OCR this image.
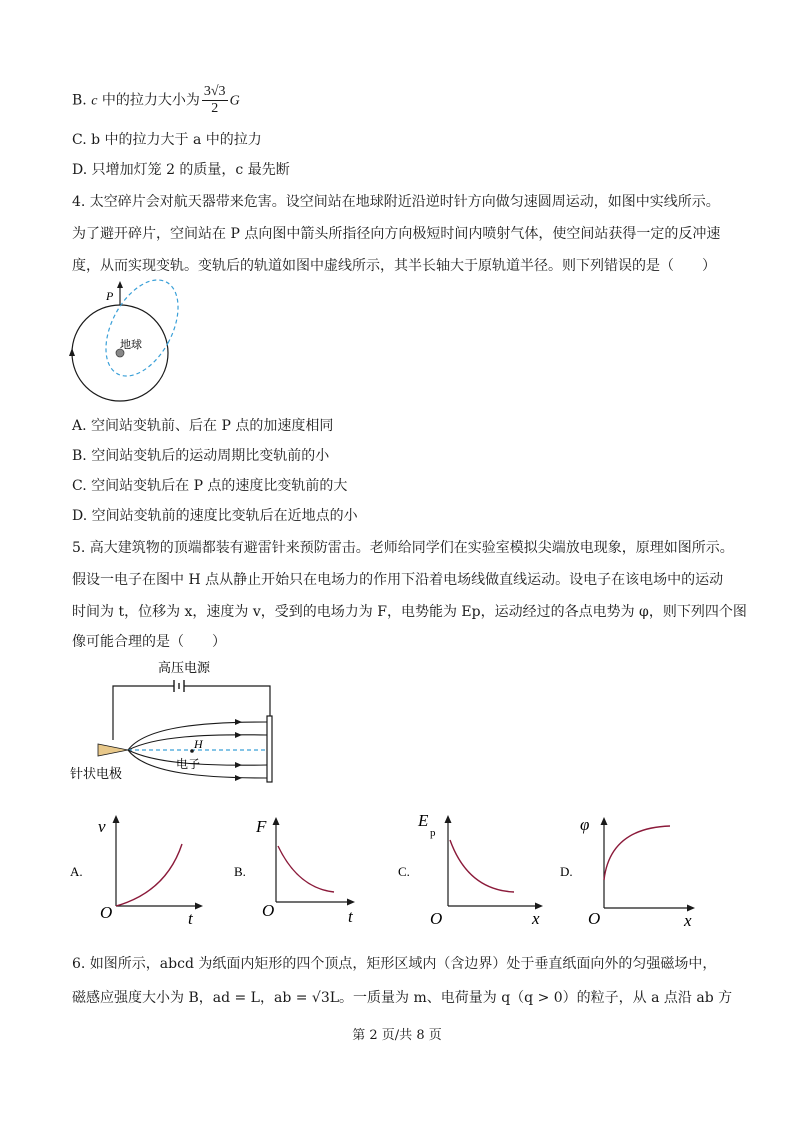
B. c 中的拉力大小为 $\frac{3√3}{2}$ G
C. b 中的拉力大于 a 中的拉力
D. 只增加灯笼 2 的质量，c 最先断
4. 太空碎片会对航天器带来危害。设空间站在地球附近沿逆时针方向做匀速圆周运动，如图中实线所示。
为了避开碎片，空间站在 P 点向图中箭头所指径向方向极短时间内喷射气体，使空间站获得一定的反冲速
度，从而实现变轨。变轨后的轨道如图中虚线所示，其半长轴大于原轨道半径。则下列错误的是（　　）
P
地球
A. 空间站变轨前、后在 P 点的加速度相同
B. 空间站变轨后的运动周期比变轨前的小
C. 空间站变轨后在 P 点的速度比变轨前的大
D. 空间站变轨前的速度比变轨后在近地点的小
5. 高大建筑物的顶端都装有避雷针来预防雷击。老师给同学们在实验室模拟尖端放电现象，原理如图所示。
假设一电子在图中 H 点从静止开始只在电场力的作用下沿着电场线做直线运动。设电子在该电场中的运动
时间为 t，位移为 x，速度为 v，受到的电场力为 F，电势能为 Ep，运动经过的各点电势为 φ，则下列四个图
像可能合理的是（　　）
高压电源
H
电子
针状电极
A.
v
t
O
B.
F
t
O
C.
E
p
x
O
D.
φ
x
O
6. 如图所示，abcd 为纸面内矩形的四个顶点，矩形区域内（含边界）处于垂直纸面向外的匀强磁场中，
磁感应强度大小为 B，ad = L，ab = √3L。一质量为 m、电荷量为 q（q > 0）的粒子，从 a 点沿 ab 方
第 2 页/共 8 页
